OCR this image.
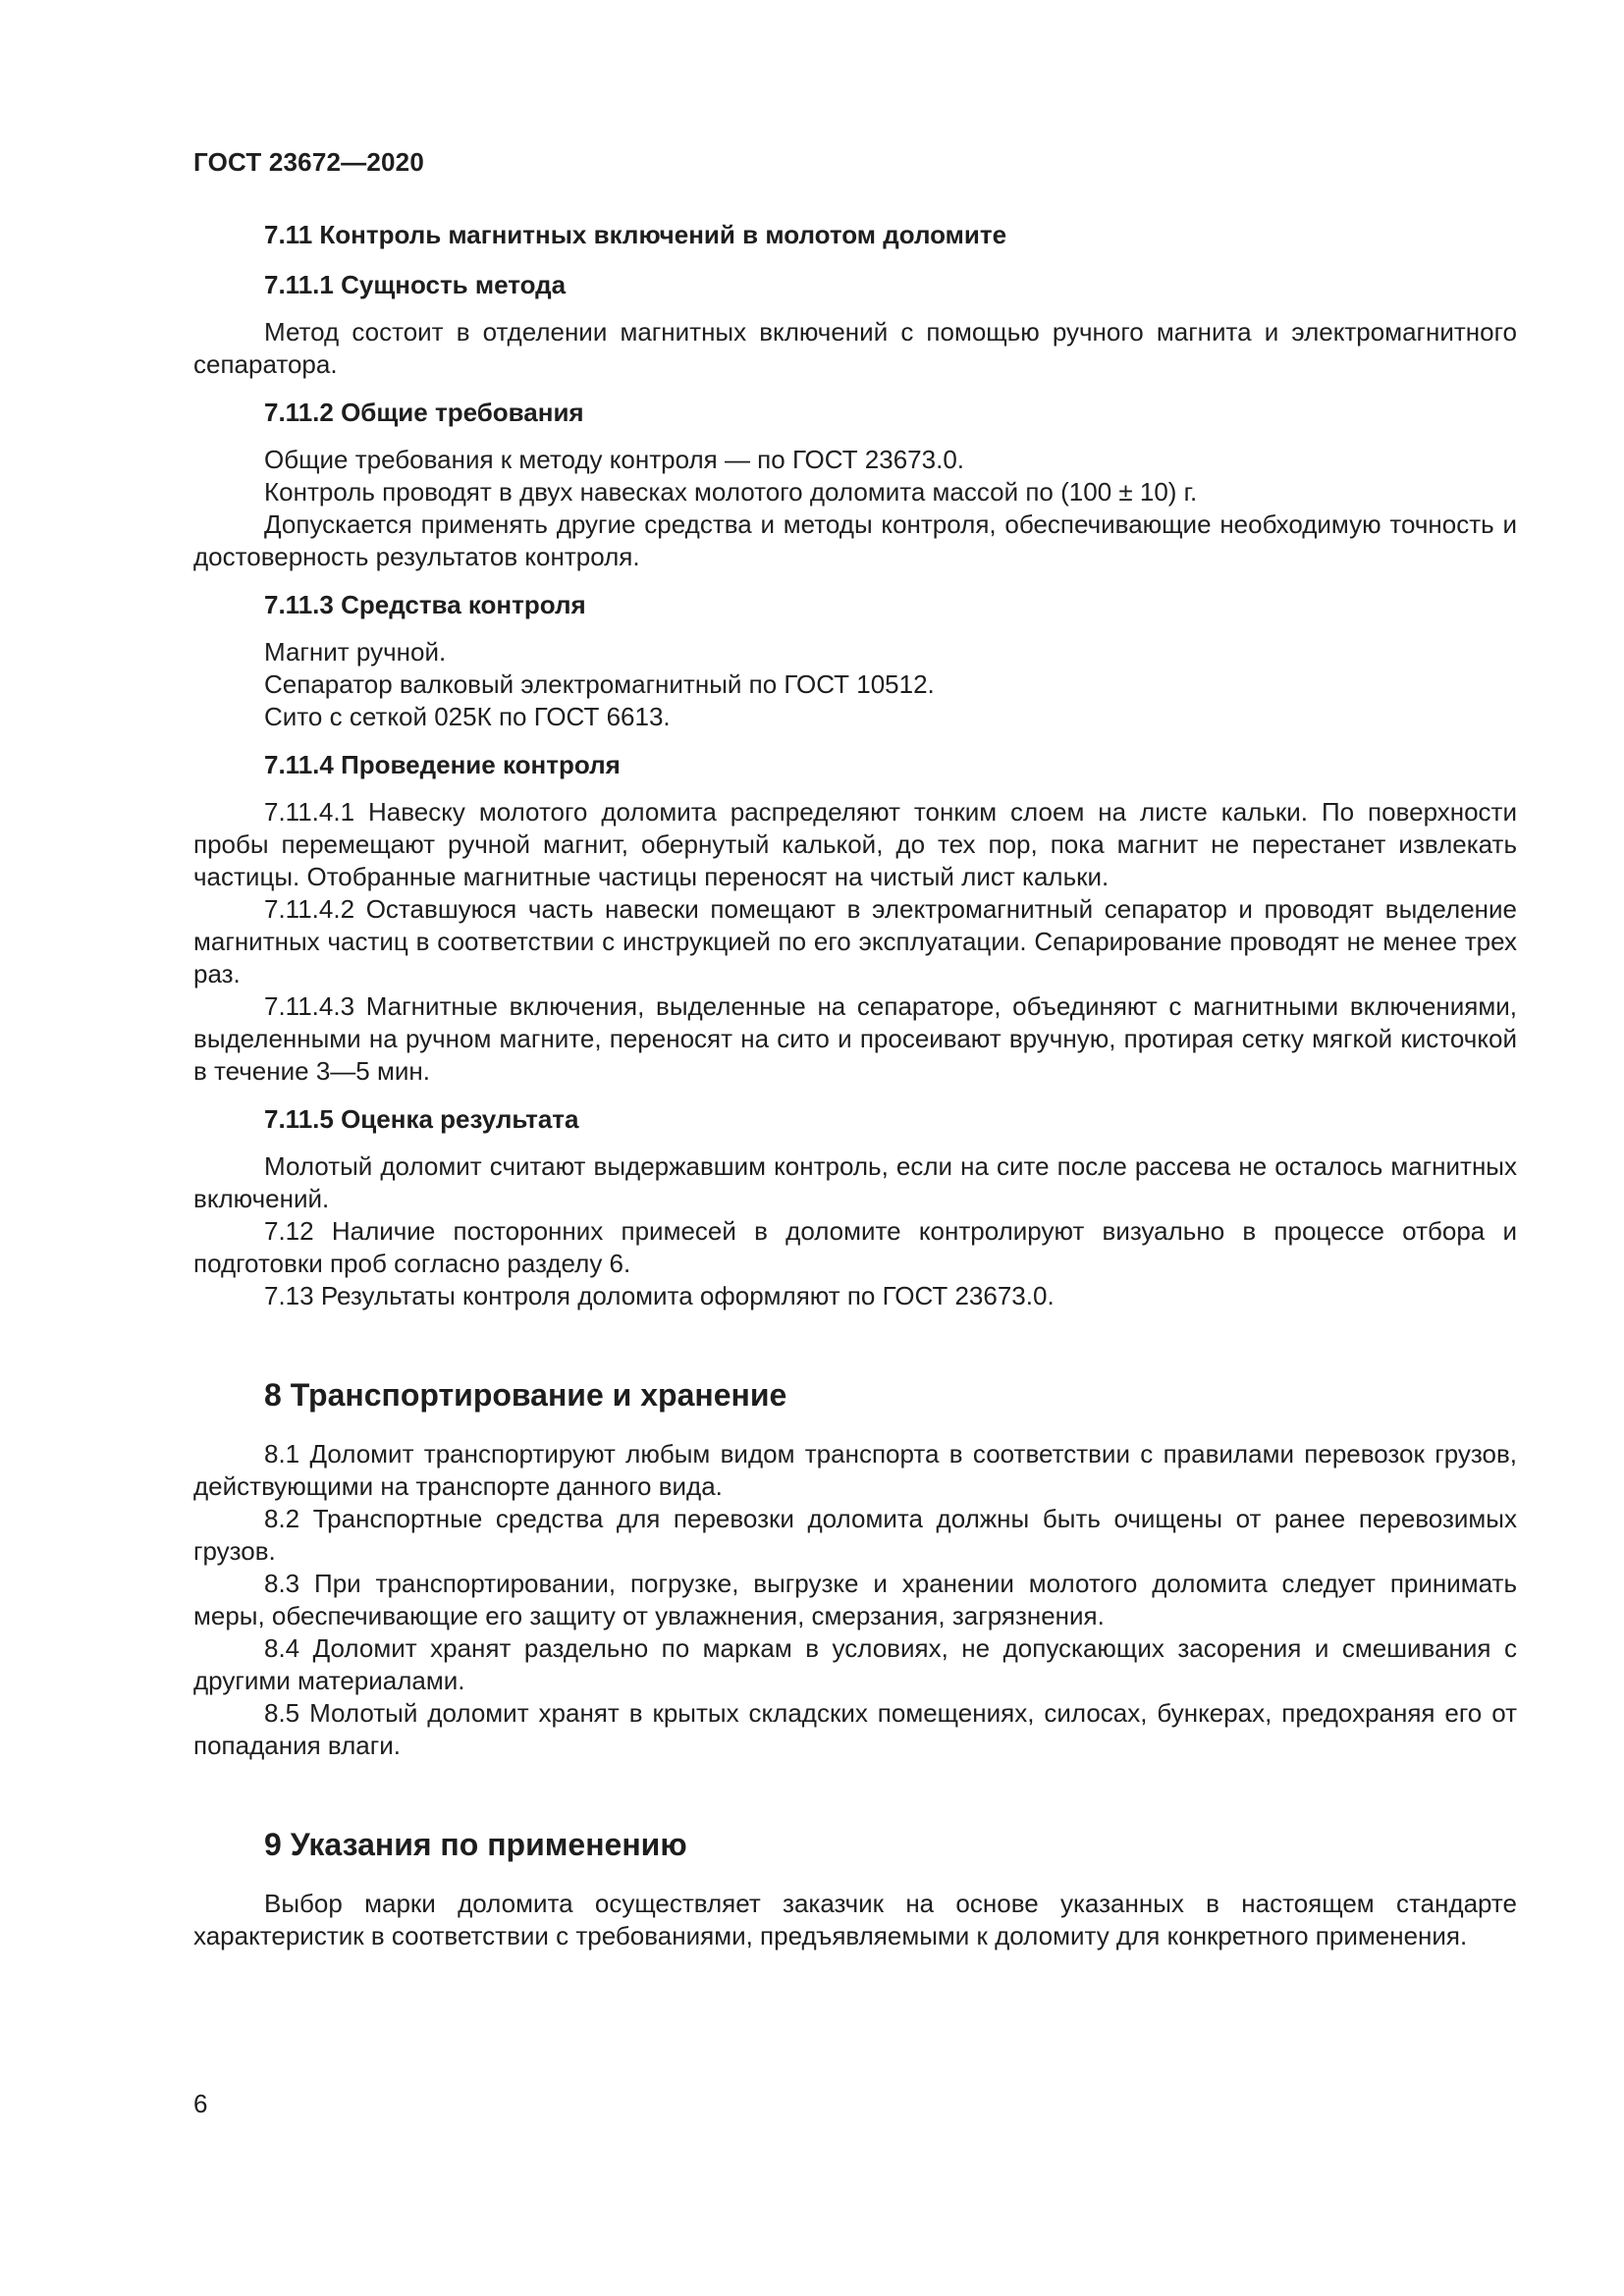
ГОСТ 23672—2020

7.11 Контроль магнитных включений в молотом доломите

7.11.1 Сущность метода

Метод состоит в отделении магнитных включений с помощью ручного магнита и электромагнитного сепаратора.

7.11.2 Общие требования

Общие требования к методу контроля — по ГОСТ 23673.0.

Контроль проводят в двух навесках молотого доломита массой по (100 ± 10) г.

Допускается применять другие средства и методы контроля, обеспечивающие необходимую точность и достоверность результатов контроля.

7.11.3 Средства контроля

Магнит ручной.

Сепаратор валковый электромагнитный по ГОСТ 10512.

Сито с сеткой 025К по ГОСТ 6613.

7.11.4 Проведение контроля

7.11.4.1 Навеску молотого доломита распределяют тонким слоем на листе кальки. По поверхности пробы перемещают ручной магнит, обернутый калькой, до тех пор, пока магнит не перестанет извлекать частицы. Отобранные магнитные частицы переносят на чистый лист кальки.

7.11.4.2 Оставшуюся часть навески помещают в электромагнитный сепаратор и проводят выделение магнитных частиц в соответствии с инструкцией по его эксплуатации. Сепарирование проводят не менее трех раз.

7.11.4.3 Магнитные включения, выделенные на сепараторе, объединяют с магнитными включениями, выделенными на ручном магните, переносят на сито и просеивают вручную, протирая сетку мягкой кисточкой в течение 3—5 мин.

7.11.5 Оценка результата

Молотый доломит считают выдержавшим контроль, если на сите после рассева не осталось магнитных включений.

7.12 Наличие посторонних примесей в доломите контролируют визуально в процессе отбора и подготовки проб согласно разделу 6.

7.13 Результаты контроля доломита оформляют по ГОСТ 23673.0.

8 Транспортирование и хранение

8.1 Доломит транспортируют любым видом транспорта в соответствии с правилами перевозок грузов, действующими на транспорте данного вида.

8.2 Транспортные средства для перевозки доломита должны быть очищены от ранее перевозимых грузов.

8.3 При транспортировании, погрузке, выгрузке и хранении молотого доломита следует принимать меры, обеспечивающие его защиту от увлажнения, смерзания, загрязнения.

8.4 Доломит хранят раздельно по маркам в условиях, не допускающих засорения и смешивания с другими материалами.

8.5 Молотый доломит хранят в крытых складских помещениях, силосах, бункерах, предохраняя его от попадания влаги.

9 Указания по применению

Выбор марки доломита осуществляет заказчик на основе указанных в настоящем стандарте характеристик в соответствии с требованиями, предъявляемыми к доломиту для конкретного применения.

6
